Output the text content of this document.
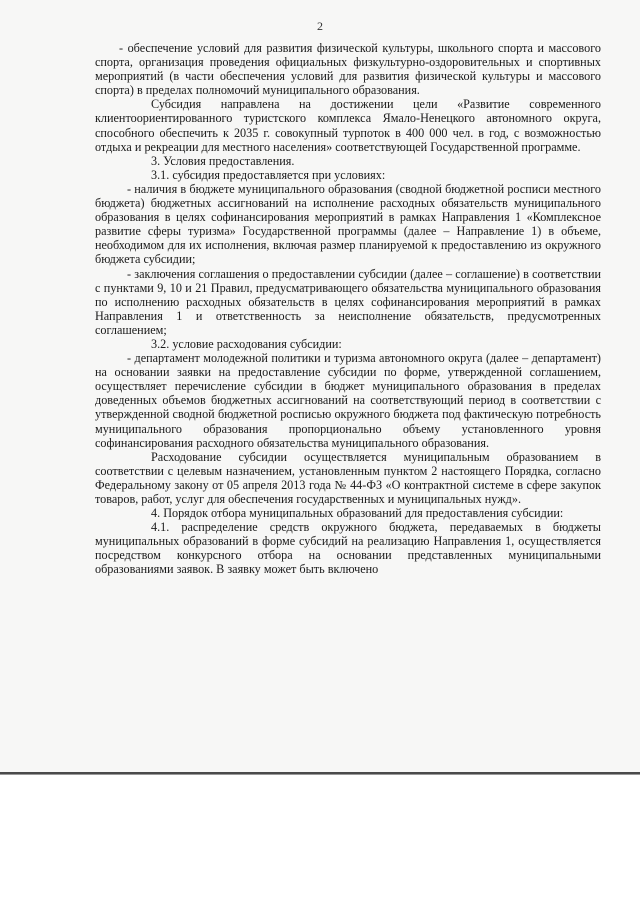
2

- обеспечение условий для развития физической культуры, школьного спорта и массового спорта, организация проведения официальных физкультурно-оздоровительных и спортивных мероприятий (в части обеспечения условий для развития физической культуры и массового спорта) в пределах полномочий муниципального образования.

Субсидия направлена на достижении цели «Развитие современного клиентоориентированного туристского комплекса Ямало-Ненецкого автономного округа, способного обеспечить к 2035 г. совокупный турпоток в 400 000 чел. в год, с возможностью отдыха и рекреации для местного населения» соответствующей Государственной программе.

3. Условия предоставления.

3.1. субсидия предоставляется при условиях:

- наличия в бюджете муниципального образования (сводной бюджетной росписи местного бюджета) бюджетных ассигнований на исполнение расходных обязательств муниципального образования в целях софинансирования мероприятий в рамках Направления 1 «Комплексное развитие сферы туризма» Государственной программы (далее – Направление 1) в объеме, необходимом для их исполнения, включая размер планируемой к предоставлению из окружного бюджета субсидии;

- заключения соглашения о предоставлении субсидии (далее – соглашение) в соответствии с пунктами 9, 10 и 21 Правил, предусматривающего обязательства муниципального образования по исполнению расходных обязательств в целях софинансирования мероприятий в рамках Направления 1 и ответственность за неисполнение обязательств, предусмотренных соглашением;

3.2. условие расходования субсидии:

- департамент молодежной политики и туризма автономного округа (далее – департамент) на основании заявки на предоставление субсидии по форме, утвержденной соглашением, осуществляет перечисление субсидии в бюджет муниципального образования в пределах доведенных объемов бюджетных ассигнований на соответствующий период в соответствии с утвержденной сводной бюджетной росписью окружного бюджета под фактическую потребность муниципального образования пропорционально объему установленного уровня софинансирования расходного обязательства муниципального образования.

Расходование субсидии осуществляется муниципальным образованием в соответствии с целевым назначением, установленным пунктом 2 настоящего Порядка, согласно Федеральному закону от 05 апреля 2013 года № 44-ФЗ «О контрактной системе в сфере закупок товаров, работ, услуг для обеспечения государственных и муниципальных нужд».

4. Порядок отбора муниципальных образований для предоставления субсидии:

4.1. распределение средств окружного бюджета, передаваемых в бюджеты муниципальных образований в форме субсидий на реализацию Направления 1, осуществляется посредством конкурсного отбора на основании представленных муниципальными образованиями заявок. В заявку может быть включено
